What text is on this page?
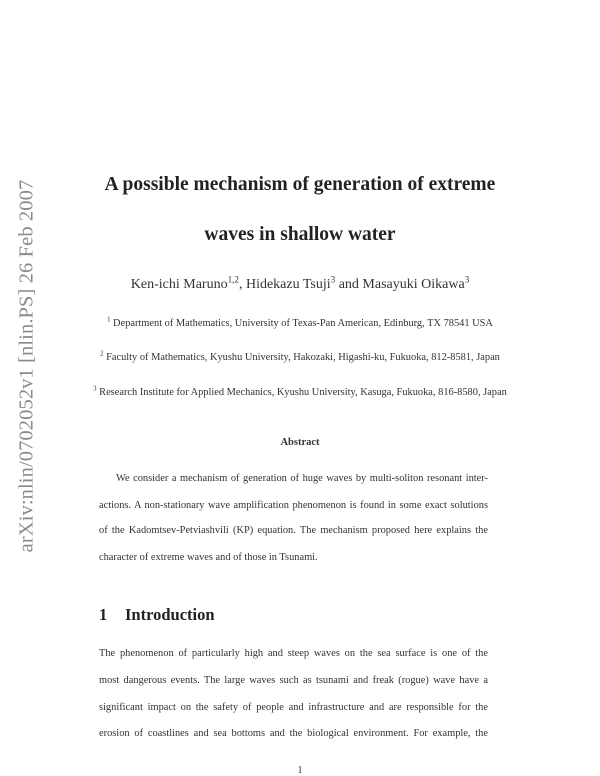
arXiv:nlin/0702052v1 [nlin.PS] 26 Feb 2007	A possible mechanism of generation of extreme
waves in shallow water
Ken-ichi Maruno$^{1,2}$, Hidekazu Tsuji$^3$ and Masayuki Oikawa$^3$
$^1$ Department of Mathematics, University of Texas-Pan American, Edinburg, TX 78541 USA
$^2$ Faculty of Mathematics, Kyushu University, Hakozaki, Higashi-ku, Fukuoka, 812-8581, Japan
$^3$ Research Institute for Applied Mechanics, Kyushu University, Kasuga, Fukuoka, 816-8580, Japan
Abstract
We consider a mechanism of generation of huge waves by multi-soliton resonant inter-
actions. A non-stationary wave amplification phenomenon is found in some exact solutions
of the Kadomtsev-Petviashvili (KP) equation. The mechanism proposed here explains the
character of extreme waves and of those in Tsunami.
1 Introduction
The phenomenon of particularly high and steep waves on the sea surface is one of the
most dangerous events. The large waves such as tsunami and freak (rogue) wave have a
significant impact on the safety of people and infrastructure and are responsible for the
erosion of coastlines and sea bottoms and the biological environment. For example, the
1
